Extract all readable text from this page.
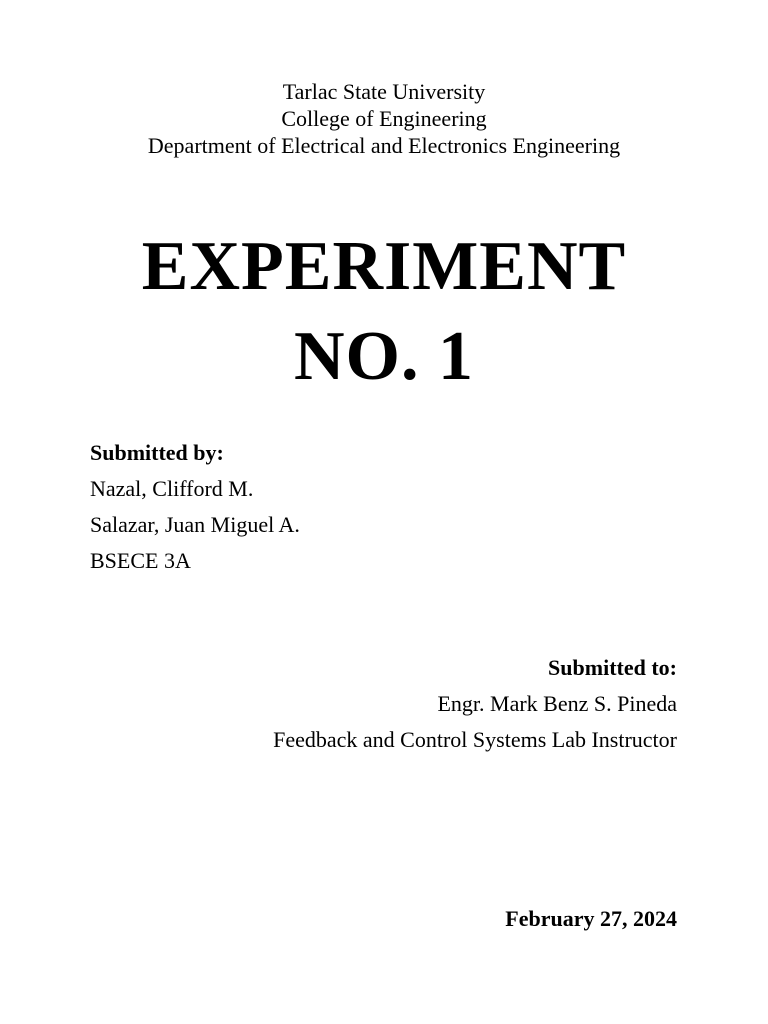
Tarlac State University
College of Engineering
Department of Electrical and Electronics Engineering
EXPERIMENT
NO. 1
Submitted by:
Nazal, Clifford M.
Salazar, Juan Miguel A.
BSECE 3A
Submitted to:
Engr. Mark Benz S. Pineda
Feedback and Control Systems Lab Instructor
February 27, 2024
